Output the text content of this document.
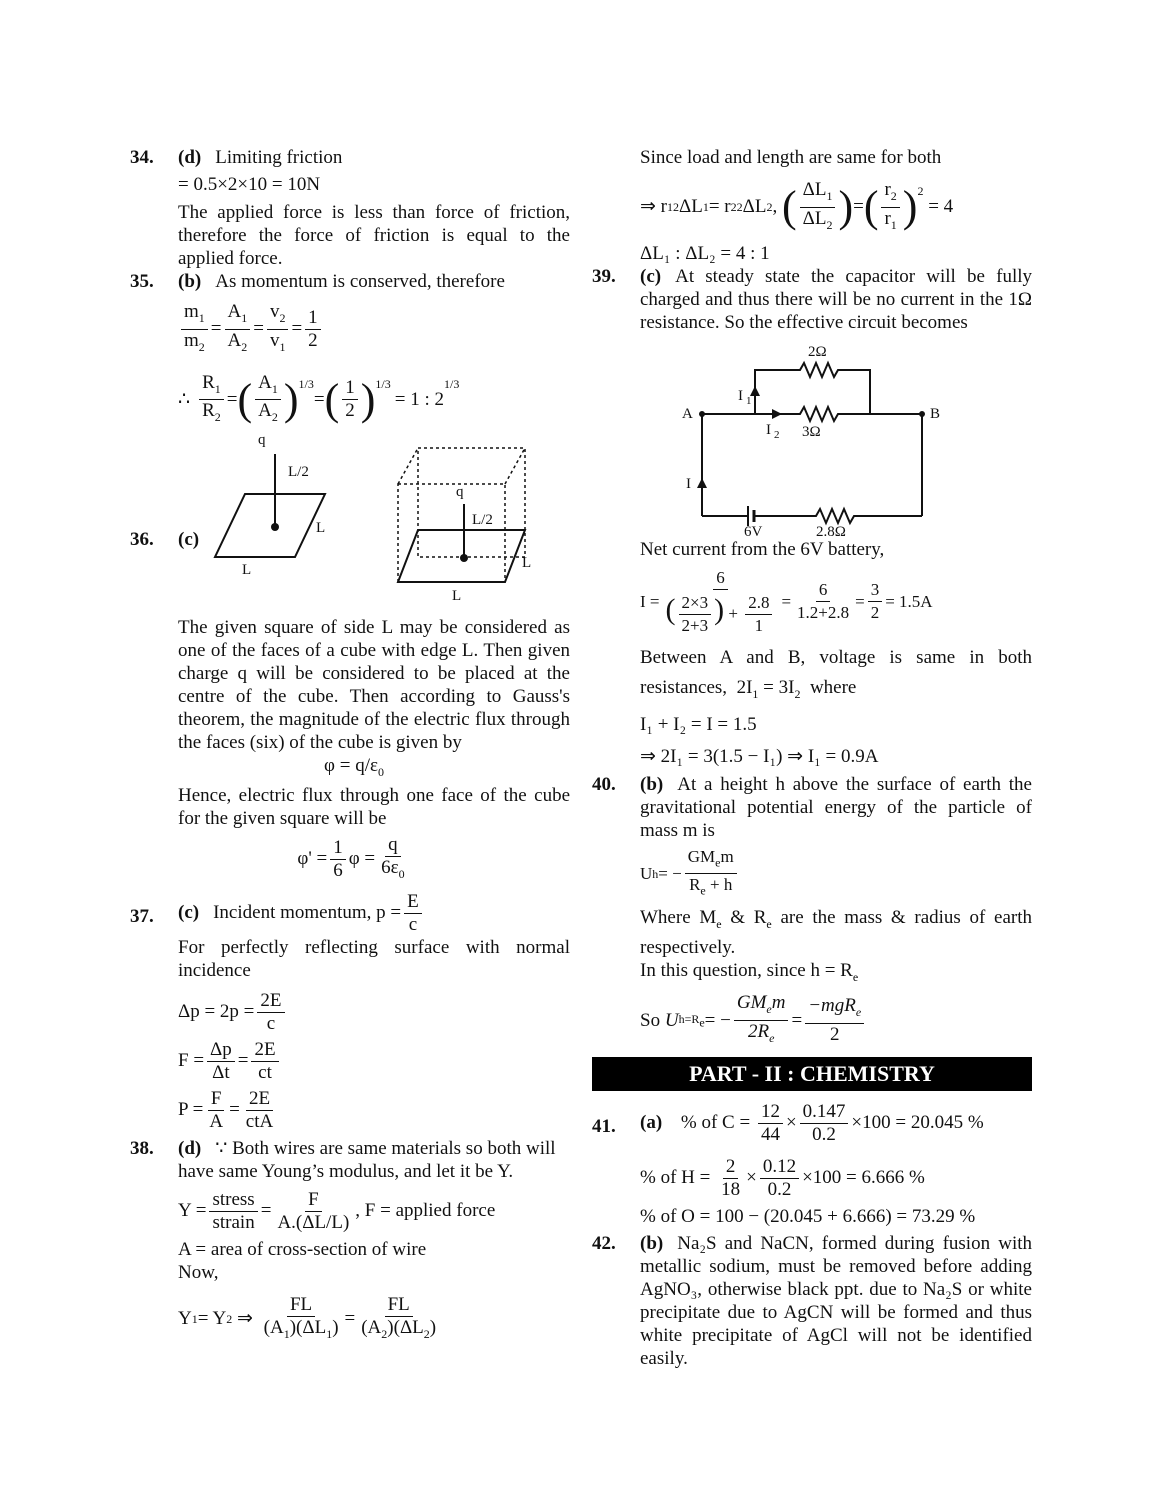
34. (d) Limiting friction
= 0.5×2×10 = 10N

The applied force is less than force of friction, therefore the force of friction is equal to the applied force.

35. (b) As momentum is conserved, therefore
$\frac{m_1}{m_2} = \frac{A_1}{A_2} = \frac{v_2}{v_1} = \frac{1}{2}$
∴ $\frac{R_1}{R_2}$ = ( $\frac{A_1}{A_2} )^{1/3}$
= ( $\frac{1}{2} )^{1/3}$
= 1 : 2
$^{1/3}$
36. (c)
q
L/2
L
L
q
L/2
L
L

The given square of side L may be considered as one of the faces of a cube with edge L. Then given charge q will be considered to be placed at the centre of the cube. Then according to Gauss's theorem, the magnitude of the electric flux through the faces (six) of the cube is given by

$\varphi = q/\varepsilon_0$

Hence, electric flux through one face of the cube for the given square will be

$\varphi' = \frac{1}{6}$ $\varphi = \frac{q}{6\varepsilon_0}$
37. (c) Incident momentum, $p = \frac{E}{c}$

For perfectly reflecting surface with normal incidence

$\Delta p = 2p = \frac{2E}{c}$
$F = \frac{\Delta p}{\Delta t} = \frac{2E}{ct}$
$P = \frac{F}{A} = \frac{2E}{\text{ctA}}$
38. (d) ∵ Both wires are same materials so both will have same Young’s modulus, and let it be Y.
$Y = \frac{\text{stress}}{\text{strain}} = \frac{F}{A.(\Delta L/L)}$ , F = applied force
A = area of cross-section of wire
Now,
Y 1 = Y 2 ⇒ $\frac{FL}{(A_1)(\Delta L_1)} = \frac{FL}{(A_2)(\Delta L_2)}$
Since load and length are same for both
⇒ r 1 2 ΔL 1 = r 2 2 ΔL 2 , ( $\frac{\Delta L_1}{\Delta L_2}$ ) = ( $\frac{r_2}{r_1} )^2$
= 4
ΔL₁ : ΔL₂ = 4 : 1
39. (c) At steady state the capacitor will be fully charged and thus there will be no current in the 1Ω resistance. So the effective circuit becomes

2Ω
I 1
I 2 3Ω
A	B
I
6V	2.8Ω
Net current from the 6V battery,
$I = \frac{6}{( \frac{2\times 3}{2+3} ) + \frac{2.8}{1}} = \frac{6}{1.2+2.8} = \frac{3}{2} = 1.5A$

Between A and B, voltage is same in both resistances,  $2I_1 = 3I_2$ where

I₁ + I₂ = I = 1.5
⇒ 2I₁ = 3(1.5 − I₁) ⇒ I₁ = 0.9A
40. (b) At a height h above the surface of earth the gravitational potential energy of the particle of mass m is

U h = − $\frac{GM_em}{R_e + h}$

Where $M_e$ & $R_e$ are the mass & radius of earth respectively.

In this question, since $h = R_e$
So
U $h=R_e$ = − $\frac{GM_em}{2R_e} = \frac{-mgR_e}{2}$
PART - II : CHEMISTRY
41. (a)
% of C =
$\frac{12}{44} \times \frac{0.147}{0.2} \times 100 = 20.045$ %
% of H =
$\frac{2}{18} \times \frac{0.12}{0.2} \times 100 = 6.666$ %
% of O = 100 − (20.045 + 6.666) = 73.29 %
42. (b) Na₂S and NaCN, formed during fusion with metallic sodium, must be removed before adding AgNO₃, otherwise black ppt. due to Na₂S or white precipitate due to AgCN will be formed and thus white precipitate of AgCl will not be identified easily.
